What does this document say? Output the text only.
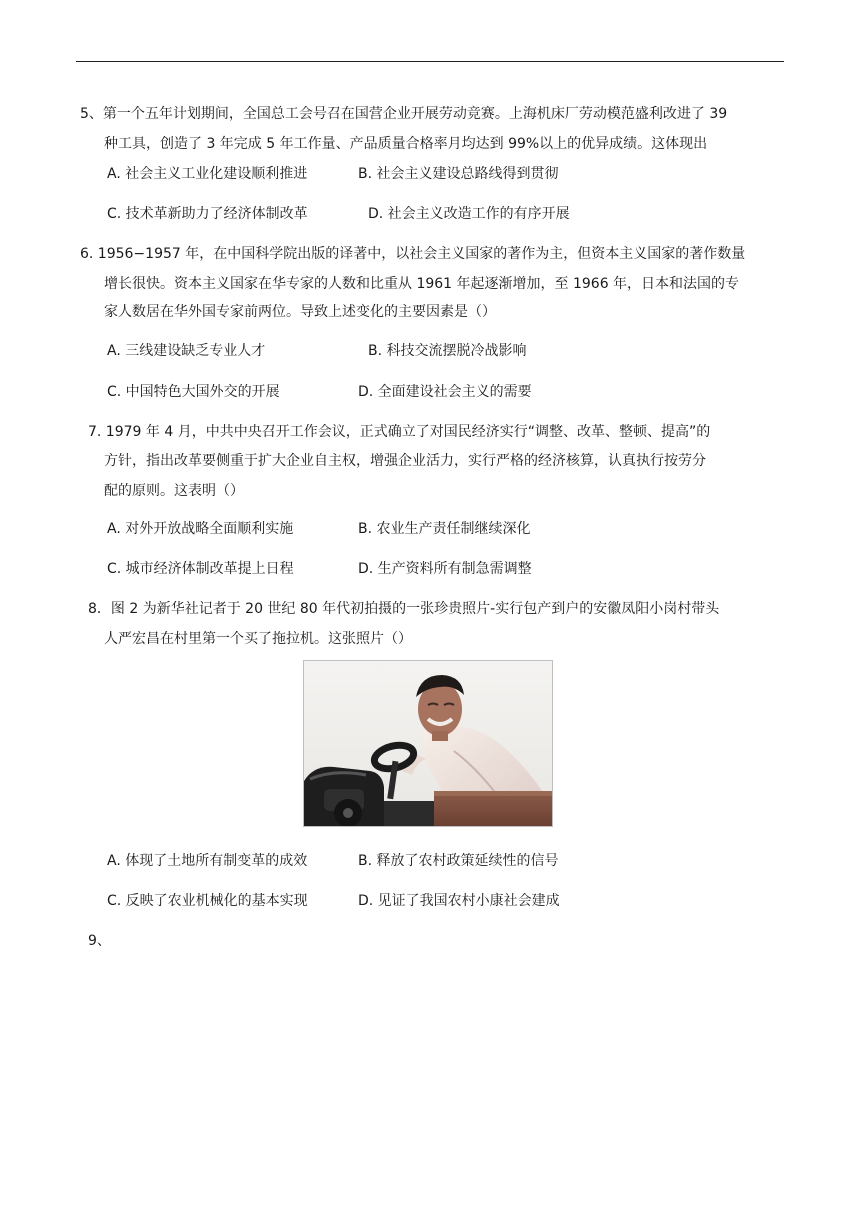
5、第一个五年计划期间，全国总工会号召在国营企业开展劳动竞赛。上海机床厂劳动模范盛利改进了 39
种工具，创造了 3 年完成 5 年工作量、产品质量合格率月均达到 99%以上的优异成绩。这体现出
A. 社会主义工业化建设顺利推进	B. 社会主义建设总路线得到贯彻
C. 技术革新助力了经济体制改革	D. 社会主义改造工作的有序开展
6. 1956−1957 年，在中国科学院出版的译著中，以社会主义国家的著作为主，但资本主义国家的著作数量
增长很快。资本主义国家在华专家的人数和比重从 1961 年起逐渐增加，至 1966 年，日本和法国的专
家人数居在华外国专家前两位。导致上述变化的主要因素是（）
A. 三线建设缺乏专业人才	B. 科技交流摆脱冷战影响
C. 中国特色大国外交的开展	D. 全面建设社会主义的需要
7. 1979 年 4 月，中共中央召开工作会议，正式确立了对国民经济实行“调整、改革、整顿、提高”的
方针，指出改革要侧重于扩大企业自主权，增强企业活力，实行严格的经济核算，认真执行按劳分
配的原则。这表明（）
A. 对外开放战略全面顺利实施	B. 农业生产责任制继续深化
C. 城市经济体制改革提上日程	D. 生产资料所有制急需调整
8．图 2 为新华社记者于 20 世纪 80 年代初拍摄的一张珍贵照片-实行包产到户的安徽凤阳小岗村带头
人严宏昌在村里第一个买了拖拉机。这张照片（）
A. 体现了土地所有制变革的成效	B. 释放了农村政策延续性的信号
C. 反映了农业机械化的基本实现	D. 见证了我国农村小康社会建成
9、
